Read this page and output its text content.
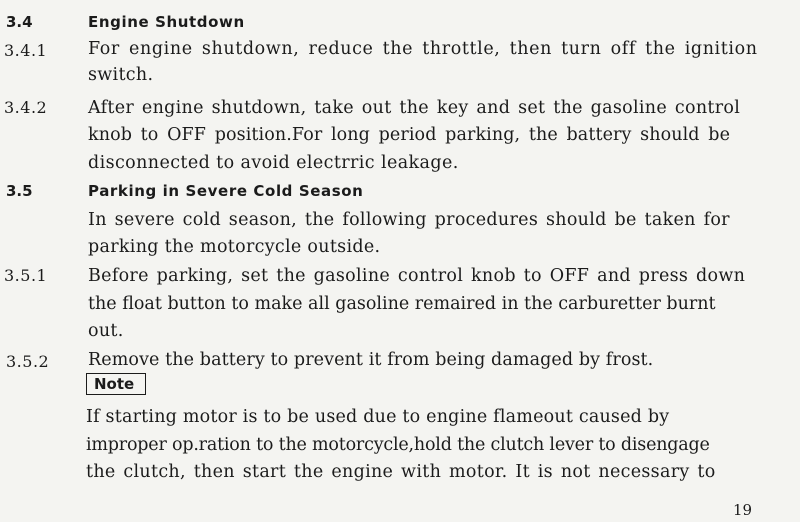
3.4	Engine Shutdown
3.4.1 For engine shutdown, reduce the throttle, then turn off the ignition
switch.
3.4.2 After engine shutdown, take out the key and set the gasoline control
knob to OFF position.For long period parking, the battery should be
disconnected to avoid electrric leakage.
3.5	Parking in Severe Cold Season
In severe cold season, the following procedures should be taken for
parking the motorcycle outside.
3.5.1 Before parking, set the gasoline control knob to OFF and press down
the float button to make all gasoline remaired in the carburetter burnt
out.
3.5.2 Remove the battery to prevent it from being damaged by frost.
Note
If starting motor is to be used due to engine flameout caused by
improper op.ration to the motorcycle,hold the clutch lever to disengage
the clutch, then start the engine with motor. It is not necessary to
19
